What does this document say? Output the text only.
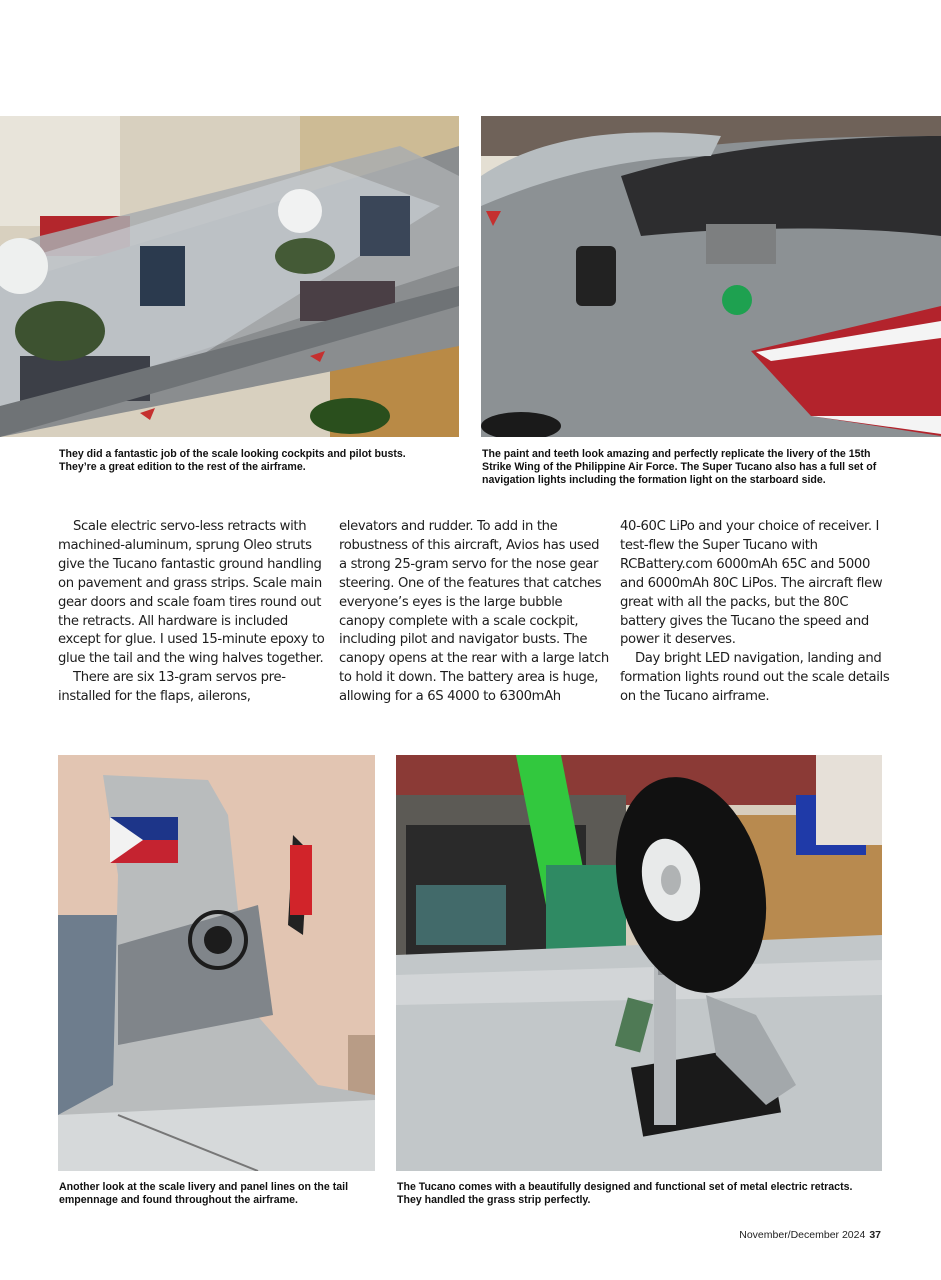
They did a fantastic job of the scale looking cockpits and pilot busts. They’re a great edition to the rest of the airframe.
The paint and teeth look amazing and perfectly replicate the livery of the 15th Strike Wing of the Philippine Air Force. The Super Tucano also has a full set of navigation lights including the formation light on the starboard side.

Scale electric servo-less retracts with machined-aluminum, sprung Oleo struts give the Tucano fantastic ground handling on pavement and grass strips. Scale main gear doors and scale foam tires round out the retracts. All hardware is included except for glue. I used 15-minute epoxy to glue the tail and the wing halves together.

There are six 13-gram servos pre-installed for the flaps, ailerons,

elevators and rudder. To add in the robustness of this aircraft, Avios has used a strong 25-gram servo for the nose gear steering. One of the features that catches everyone’s eyes is the large bubble canopy complete with a scale cockpit, including pilot and navigator busts. The canopy opens at the rear with a large latch to hold it down. The battery area is huge, allowing for a 6S 4000 to 6300mAh

40-60C LiPo and your choice of receiver. I test-flew the Super Tucano with RCBattery.com 6000mAh 65C and 5000 and 6000mAh 80C LiPos. The aircraft flew great with all the packs, but the 80C battery gives the Tucano the speed and power it deserves.

Day bright LED navigation, landing and formation lights round out the scale details on the Tucano airframe.

Another look at the scale livery and panel lines on the tail empennage and found throughout the airframe.
The Tucano comes with a beautifully designed and functional set of metal electric retracts. They handled the grass strip perfectly.
November/December 2024 37
